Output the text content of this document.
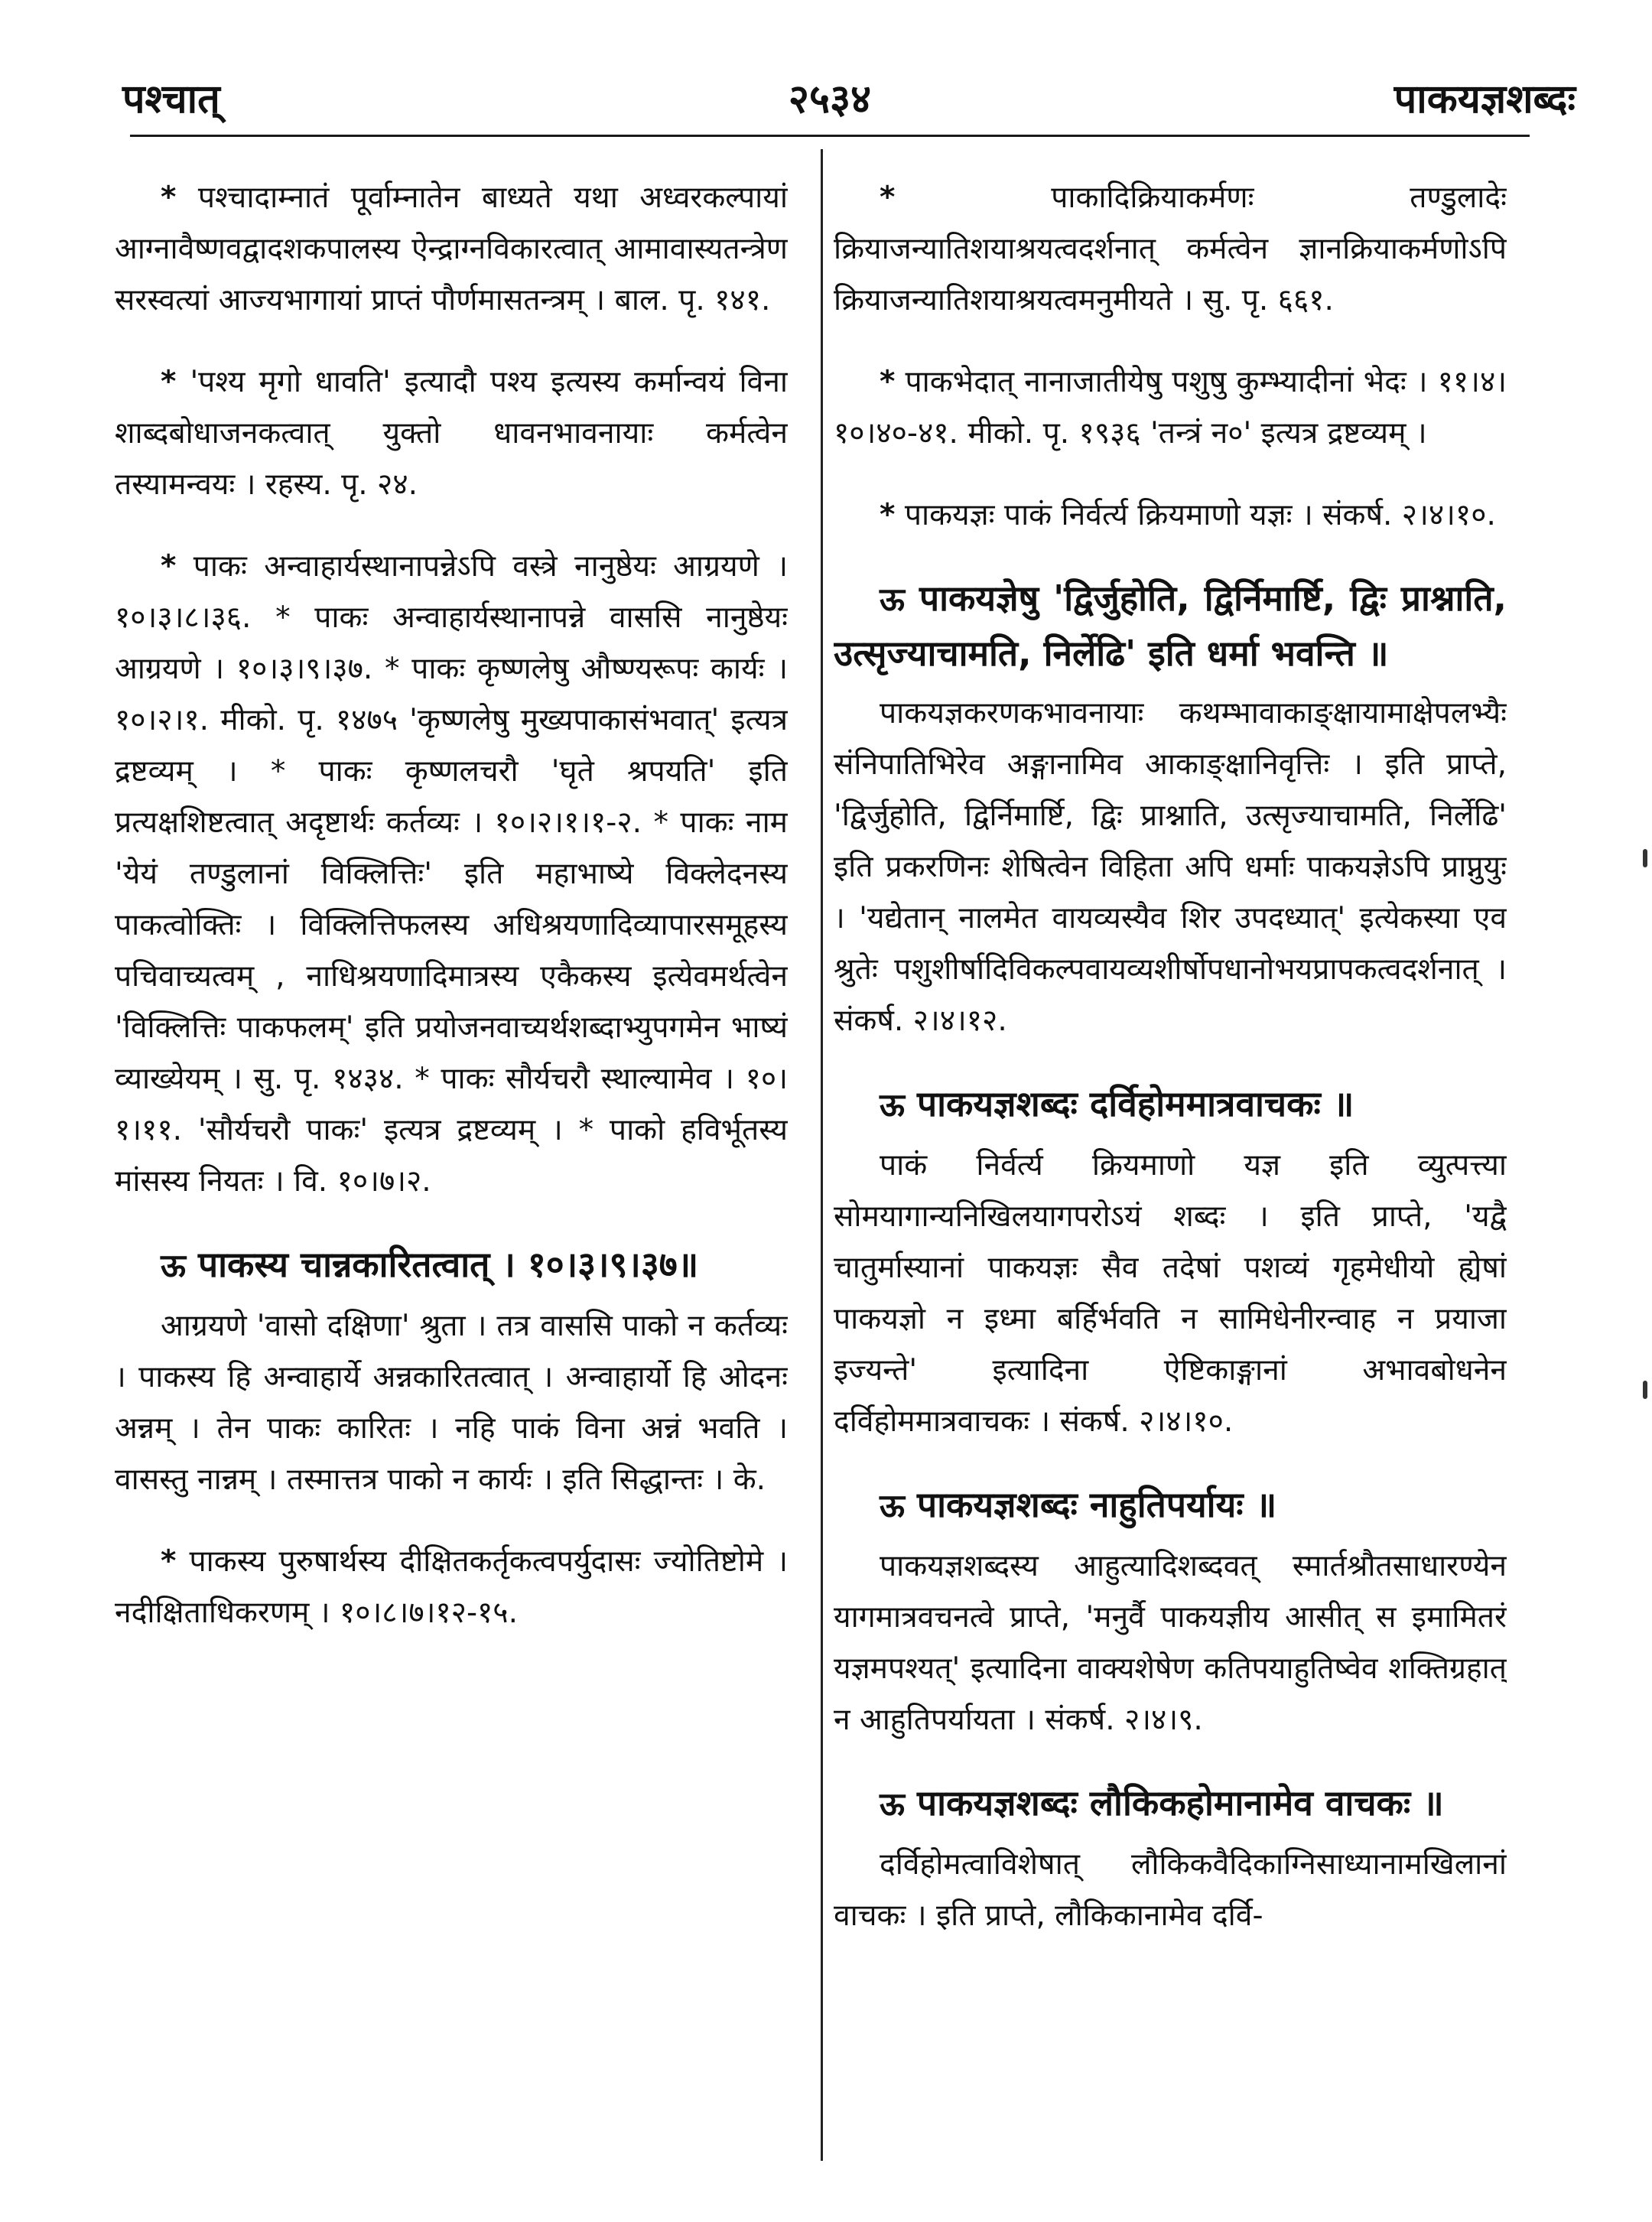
पश्चात्	२५३४	पाकयज्ञशब्दः

* पश्चादाम्नातं पूर्वाम्नातेन बाध्यते यथा अध्वरकल्पायां आग्नावैष्णवद्वादशकपालस्य ऐन्द्राग्नविकारत्वात् आमावास्यतन्त्रेण सरस्वत्यां आज्यभागायां प्राप्तं पौर्णमासतन्त्रम् । बाल. पृ. १४१.

* 'पश्य मृगो धावति' इत्यादौ पश्य इत्यस्य कर्मान्वयं विना शाब्दबोधाजनकत्वात् युक्तो धावनभावनायाः कर्मत्वेन तस्यामन्वयः । रहस्य. पृ. २४.

* पाकः अन्वाहार्यस्थानापन्नेऽपि वस्त्रे नानुष्ठेयः आग्रयणे । १०।३।८।३६. * पाकः अन्वाहार्यस्थानापन्ने वाससि नानुष्ठेयः आग्रयणे । १०।३।९।३७. * पाकः कृष्णलेषु औष्ण्यरूपः कार्यः । १०।२।१. मीको. पृ. १४७५ 'कृष्णलेषु मुख्यपाकासंभवात्' इत्यत्र द्रष्टव्यम् । * पाकः कृष्णलचरौ 'घृते श्रपयति' इति प्रत्यक्षशिष्टत्वात् अदृष्टार्थः कर्तव्यः । १०।२।१।१-२. * पाकः नाम 'येयं तण्डुलानां विक्लित्तिः' इति महाभाष्ये विक्लेदनस्य पाकत्वोक्तिः । विक्लित्तिफलस्य अधिश्रयणादिव्यापारसमूहस्य पचिवाच्यत्वम् , नाधिश्रयणादिमात्रस्य एकैकस्य इत्येवमर्थत्वेन 'विक्लित्तिः पाकफलम्' इति प्रयोजनवाच्यर्थशब्दाभ्युपगमेन भाष्यं व्याख्येयम् । सु. पृ. १४३४. * पाकः सौर्यचरौ स्थाल्यामेव । १०।१।११. 'सौर्यचरौ पाकः' इत्यत्र द्रष्टव्यम् । * पाको हविर्भूतस्य मांसस्य नियतः । वि. १०।७।२.

ऊ पाकस्य चान्नकारितत्वात् । १०।३।९।३७॥

आग्रयणे 'वासो दक्षिणा' श्रुता । तत्र वाससि पाको न कर्तव्यः । पाकस्य हि अन्वाहार्ये अन्नकारितत्वात् । अन्वाहार्यो हि ओदनः अन्नम् । तेन पाकः कारितः । नहि पाकं विना अन्नं भवति । वासस्तु नान्नम् । तस्मात्तत्र पाको न कार्यः । इति सिद्धान्तः । के.

* पाकस्य पुरुषार्थस्य दीक्षितकर्तृकत्वपर्युदासः ज्योतिष्टोमे । नदीक्षिताधिकरणम् । १०।८।७।१२-१५.

*	पाकादिक्रियाकर्मणः तण्डुलादेः क्रियाजन्यातिशयाश्रयत्वदर्शनात् कर्मत्वेन ज्ञानक्रियाकर्मणोऽपि क्रियाजन्यातिशयाश्रयत्वमनुमीयते । सु. पृ. ६६१.

* पाकभेदात् नानाजातीयेषु पशुषु कुम्भ्यादीनां भेदः । ११।४।१०।४०-४१. मीको. पृ. १९३६ 'तन्त्रं न०' इत्यत्र द्रष्टव्यम् ।

* पाकयज्ञः पाकं निर्वर्त्य क्रियमाणो यज्ञः । संकर्ष. २।४।१०.

ऊ पाकयज्ञेषु 'द्विर्जुहोति, द्विर्निमार्ष्टि, द्विः प्राश्नाति, उत्सृज्याचामति, निर्लेढि' इति धर्मा भवन्ति ॥

पाकयज्ञकरणकभावनायाः कथम्भावाकाङ्क्षायामाक्षेपलभ्यैः संनिपातिभिरेव अङ्गानामिव आकाङ्क्षानिवृत्तिः । इति प्राप्ते, 'द्विर्जुहोति, द्विर्निमार्ष्टि, द्विः प्राश्नाति, उत्सृज्याचामति, निर्लेढि' इति प्रकरणिनः शेषित्वेन विहिता अपि धर्माः पाकयज्ञेऽपि प्राप्नुयुः । 'यद्येतान् नालमेत वायव्यस्यैव शिर उपदध्यात्' इत्येकस्या एव श्रुतेः पशुशीर्षादिविकल्पवायव्यशीर्षोपधानोभयप्रापकत्वदर्शनात् । संकर्ष. २।४।१२.

ऊ पाकयज्ञशब्दः दर्विहोममात्रवाचकः ॥

पाकं निर्वर्त्य क्रियमाणो यज्ञ इति व्युत्पत्त्या सोमयागान्यनिखिलयागपरोऽयं शब्दः । इति प्राप्ते, 'यद्वै चातुर्मास्यानां पाकयज्ञः सैव तदेषां पशव्यं गृहमेधीयो ह्येषां पाकयज्ञो न इध्मा बर्हिर्भवति न सामिधेनीरन्वाह न प्रयाजा इज्यन्ते' इत्यादिना ऐष्टिकाङ्गानां अभावबोधनेन दर्विहोममात्रवाचकः । संकर्ष. २।४।१०.

ऊ पाकयज्ञशब्दः नाहुतिपर्यायः ॥

पाकयज्ञशब्दस्य आहुत्यादिशब्दवत् स्मार्तश्रौतसाधारण्येन यागमात्रवचनत्वे प्राप्ते, 'मनुर्वै पाकयज्ञीय आसीत् स इमामितरं यज्ञमपश्यत्' इत्यादिना वाक्यशेषेण कतिपयाहुतिष्वेव शक्तिग्रहात् न आहुतिपर्यायता । संकर्ष. २।४।९.

ऊ पाकयज्ञशब्दः लौकिकहोमानामेव वाचकः ॥

दर्विहोमत्वाविशेषात् लौकिकवैदिकाग्निसाध्यानामखिलानां वाचकः । इति प्राप्ते, लौकिकानामेव दर्वि-
